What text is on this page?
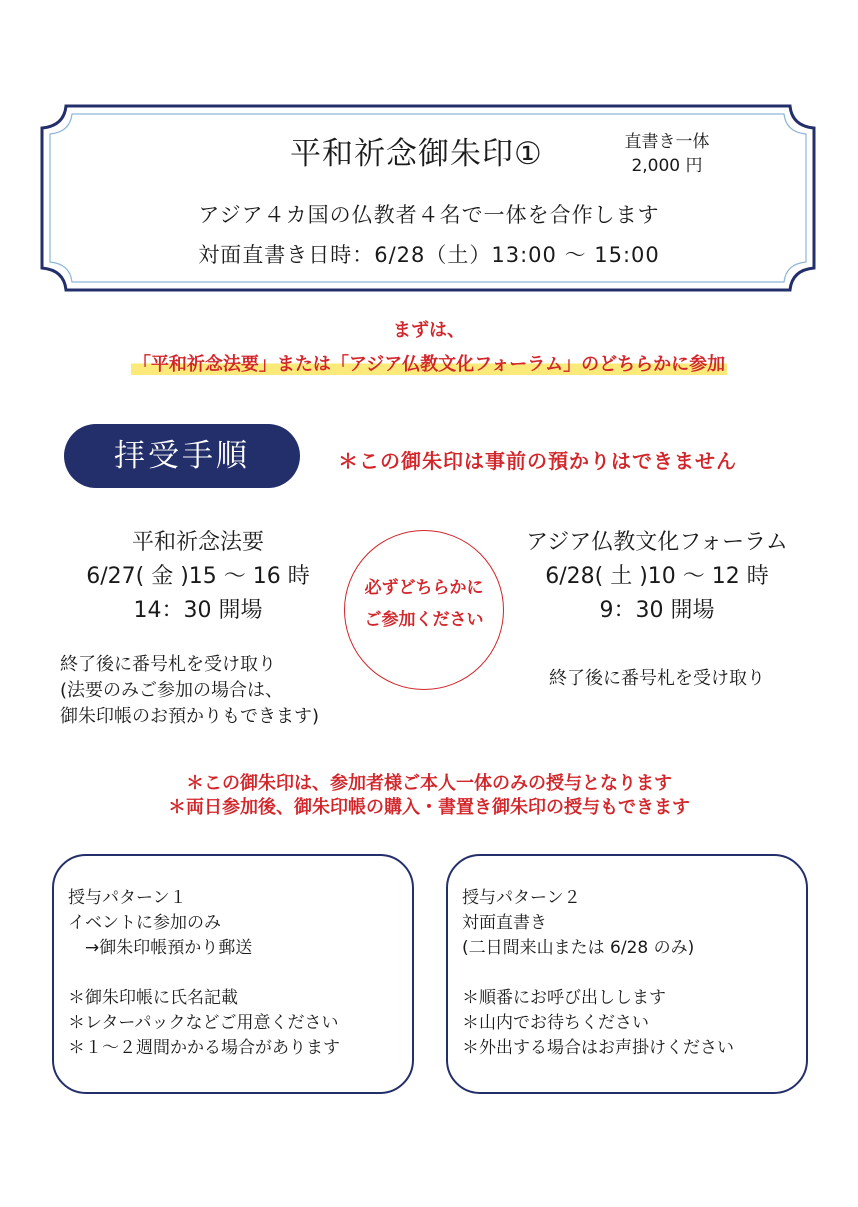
平和祈念御朱印①	直書き一体
2,000 円
アジア４カ国の仏教者４名で一体を合作します
対面直書き日時：6/28（土）13:00 〜 15:00
まずは、
「平和祈念法要」または「アジア仏教文化フォーラム」のどちらかに参加
拝受手順	＊この御朱印は事前の預かりはできません
平和祈念法要
6/27( 金 )15 〜 16 時
14：30 開場
必ずどちらかに
ご参加ください
アジア仏教文化フォーラム
6/28( 土 )10 〜 12 時
9：30 開場
終了後に番号札を受け取り
(法要のみご参加の場合は、
御朱印帳のお預かりもできます)
終了後に番号札を受け取り
＊この御朱印は、参加者様ご本人一体のみの授与となります
＊両日参加後、御朱印帳の購入・書置き御朱印の授与もできます
授与パターン１
イベントに参加のみ
　→御朱印帳預かり郵送

＊御朱印帳に氏名記載
＊レターパックなどご用意ください
＊１〜２週間かかる場合があります
授与パターン２
対面直書き
(二日間来山または 6/28 のみ)

＊順番にお呼び出しします
＊山内でお待ちください
＊外出する場合はお声掛けください
